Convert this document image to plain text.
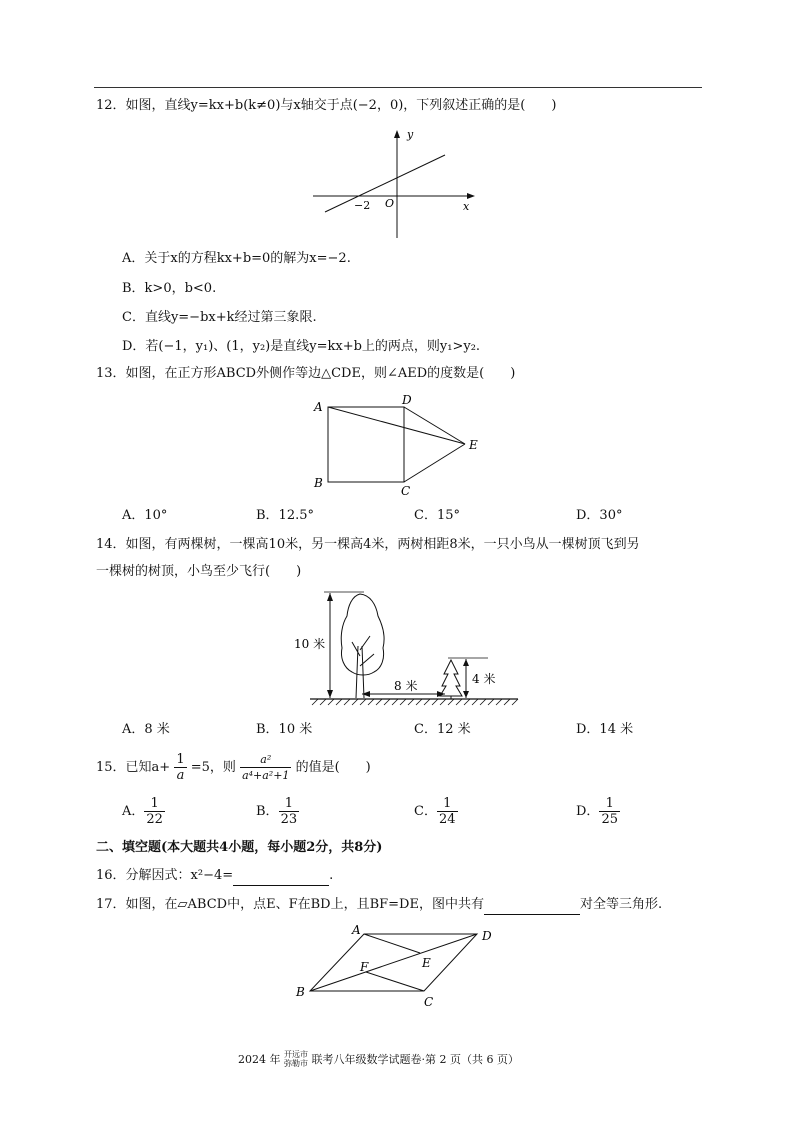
12．如图，直线y=kx+b(k≠0)与x轴交于点(−2，0)，下列叙述正确的是(　　)
y
x
O
−2
A．关于x的方程kx+b=0的解为x=−2.
B．k>0，b<0.
C．直线y=−bx+k经过第三象限.
D．若(−1，y₁)、(1，y₂)是直线y=kx+b上的两点，则y₁>y₂.
13．如图，在正方形ABCD外侧作等边△CDE，则∠AED的度数是(　　)
A	D
E
B
C
A．10°	B．12.5°	C．15°	D．30°
14．如图，有两棵树，一棵高10米，另一棵高4米，两树相距8米，一只小鸟从一棵树顶飞到另
一棵树的树顶，小鸟至少飞行(　　)
10 米
8 米	4 米
A．8 米	B．10 米	C．12 米	D．14 米
15．已知$a+ \frac{1}{a} =5$，则 $\frac{\text{a²}}{\text{a⁴+a²+1}}$ 的值是(　　)
A． $\frac{1}{22}$	B． $\frac{1}{23}$	C． $\frac{1}{24}$	D． $\frac{1}{25}$
二、填空题(本大题共4小题，每小题2分，共8分)
16．分解因式：x²−4=	.
17．如图，在▱ABCD中，点E、F在BD上，且BF=DE，图中共有	对全等三角形.
A	D
B
C
E
F
2024 年 开远市
弥勒市 联考八年级数学试题卷·第 2 页（共 6 页）
